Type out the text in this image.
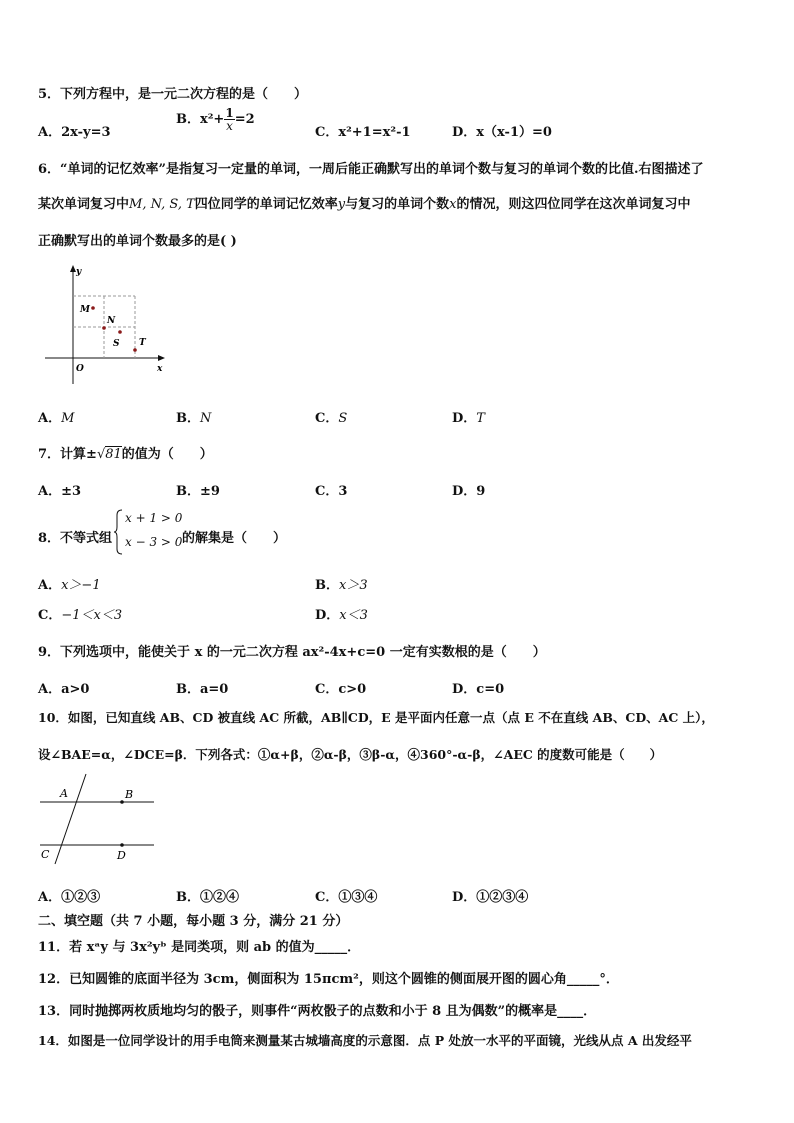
5．下列方程中，是一元二次方程的是（　　）
A．2x-y=3
B．$x^2+ \frac{1}{x} =2$
C．x²+1=x²-1	D．x（x-1）=0
6．“单词的记忆效率”是指复习一定量的单词，一周后能正确默写出的单词个数与复习的单词个数的比值.右图描述了
某次单词复习中M, N, S, T四位同学的单词记忆效率y与复习的单词个数x的情况，则这四位同学在这次单词复习中
正确默写出的单词个数最多的是( )
y
x
O
M
N
S T
A．M	B．N	C．S	D．T
7．计算±√81的值为（　　）
A．±3	B．±9	C．3	D．9
8．不等式组
x + 1 > 0
x − 3 > 0 的解集是（　　）
A．x＞−1	B．x＞3
C．−1＜x＜3	D．x＜3
9．下列选项中，能使关于 x 的一元二次方程 ax²-4x+c=0 一定有实数根的是（　　）
A．a>0	B．a=0	C．c>0	D．c=0
10．如图，已知直线 AB、CD 被直线 AC 所截，AB∥CD，E 是平面内任意一点（点 E 不在直线 AB、CD、AC 上），
设∠BAE=α，∠DCE=β．下列各式：①α+β，②α-β，③β-α，④360°-α-β，∠AEC 的度数可能是（　　）
A	B
C	D
A．①②③	B．①②④	C．①③④	D．①②③④
二、填空题（共 7 小题，每小题 3 分，满分 21 分）
11．若 xᵃy 与 3x²yᵇ 是同类项，则 ab 的值为_____．
12．已知圆锥的底面半径为 3cm，侧面积为 15πcm²，则这个圆锥的侧面展开图的圆心角_____°．
13．同时抛掷两枚质地均匀的骰子，则事件“两枚骰子的点数和小于 8 且为偶数”的概率是____．
14．如图是一位同学设计的用手电筒来测量某古城墙高度的示意图．点 P 处放一水平的平面镜，光线从点 A 出发经平
